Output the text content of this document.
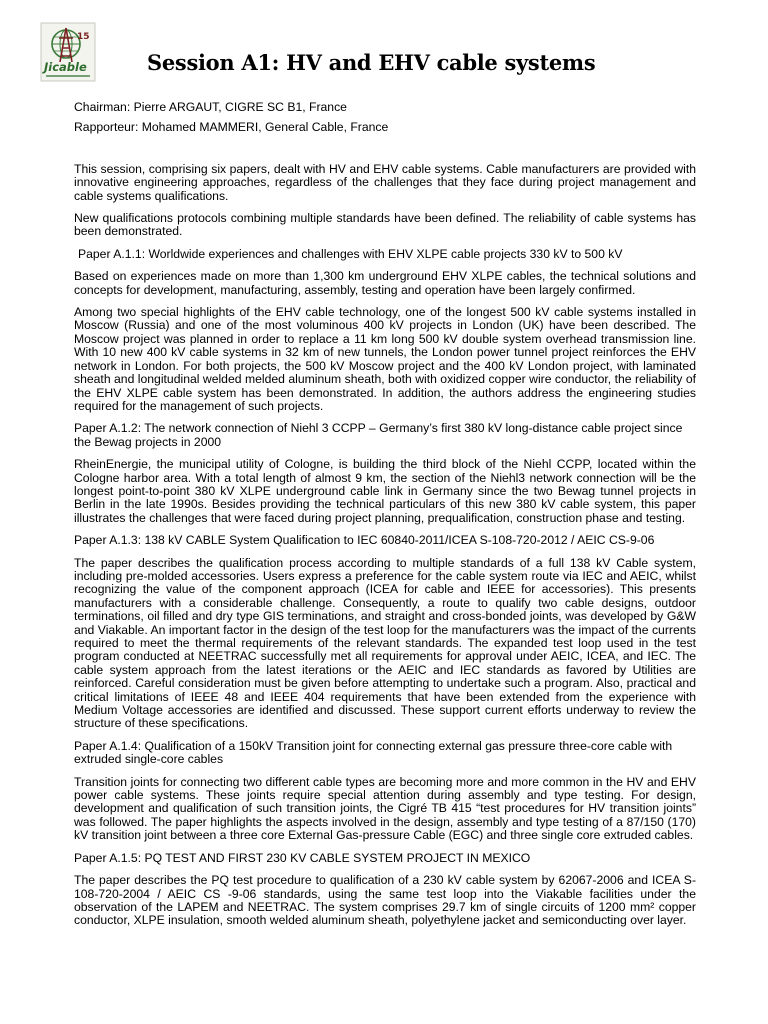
15
Jicable	Session A1: HV and EHV cable systems

Chairman: Pierre ARGAUT, CIGRE SC B1, France

Rapporteur: Mohamed MAMMERI, General Cable, France

This session, comprising six papers, dealt with HV and EHV cable systems. Cable manufacturers are provided with innovative engineering approaches, regardless of the challenges that they face during project management and cable systems qualifications.

New qualifications protocols combining multiple standards have been defined. The reliability of cable systems has been demonstrated.

Paper A.1.1: Worldwide experiences and challenges with EHV XLPE cable projects 330 kV to 500 kV

Based on experiences made on more than 1,300 km underground EHV XLPE cables, the technical solutions and concepts for development, manufacturing, assembly, testing and operation have been largely confirmed.

Among two special highlights of the EHV cable technology, one of the longest 500 kV cable systems installed in Moscow (Russia) and one of the most voluminous 400 kV projects in London (UK) have been described. The Moscow project was planned in order to replace a 11 km long 500 kV double system overhead transmission line. With 10 new 400 kV cable systems in 32 km of new tunnels, the London power tunnel project reinforces the EHV network in London. For both projects, the 500 kV Moscow project and the 400 kV London project, with laminated sheath and longitudinal welded melded aluminum sheath, both with oxidized copper wire conductor, the reliability of the EHV XLPE cable system has been demonstrated. In addition, the authors address the engineering studies required for the management of such projects.

Paper A.1.2: The network connection of Niehl 3 CCPP – Germany’s first 380 kV long-distance cable project since the Bewag projects in 2000

RheinEnergie, the municipal utility of Cologne, is building the third block of the Niehl CCPP, located within the Cologne harbor area. With a total length of almost 9 km, the section of the Niehl3 network connection will be the longest point-to-point 380 kV XLPE underground cable link in Germany since the two Bewag tunnel projects in Berlin in the late 1990s. Besides providing the technical particulars of this new 380 kV cable system, this paper illustrates the challenges that were faced during project planning, prequalification, construction phase and testing.

Paper A.1.3: 138 kV CABLE System Qualification to IEC 60840-2011/ICEA S-108-720-2012 / AEIC CS-9-06

The paper describes the qualification process according to multiple standards of a full 138 kV Cable system, including pre-molded accessories. Users express a preference for the cable system route via IEC and AEIC, whilst recognizing the value of the component approach (ICEA for cable and IEEE for accessories). This presents manufacturers with a considerable challenge. Consequently, a route to qualify two cable designs, outdoor terminations, oil filled and dry type GIS terminations, and straight and cross-bonded joints, was developed by G&W and Viakable. An important factor in the design of the test loop for the manufacturers was the impact of the currents required to meet the thermal requirements of the relevant standards. The expanded test loop used in the test program conducted at NEETRAC successfully met all requirements for approval under AEIC, ICEA, and IEC. The cable system approach from the latest iterations or the AEIC and IEC standards as favored by Utilities are reinforced. Careful consideration must be given before attempting to undertake such a program. Also, practical and critical limitations of IEEE 48 and IEEE 404 requirements that have been extended from the experience with Medium Voltage accessories are identified and discussed. These support current efforts underway to review the structure of these specifications.

Paper A.1.4: Qualification of a 150kV Transition joint for connecting external gas pressure three-core cable with extruded single-core cables

Transition joints for connecting two different cable types are becoming more and more common in the HV and EHV power cable systems. These joints require special attention during assembly and type testing. For design, development and qualification of such transition joints, the Cigré TB 415 “test procedures for HV transition joints” was followed. The paper highlights the aspects involved in the design, assembly and type testing of a 87/150 (170) kV transition joint between a three core External Gas-pressure Cable (EGC) and three single core extruded cables.

Paper A.1.5: PQ TEST AND FIRST 230 KV CABLE SYSTEM PROJECT IN MEXICO

The paper describes the PQ test procedure to qualification of a 230 kV cable system by 62067-2006 and ICEA S-108-720-2004 / AEIC CS -9-06 standards, using the same test loop into the Viakable facilities under the observation of the LAPEM and NEETRAC. The system comprises 29.7 km of single circuits of 1200 mm² copper conductor, XLPE insulation, smooth welded aluminum sheath, polyethylene jacket and semiconducting over layer.
